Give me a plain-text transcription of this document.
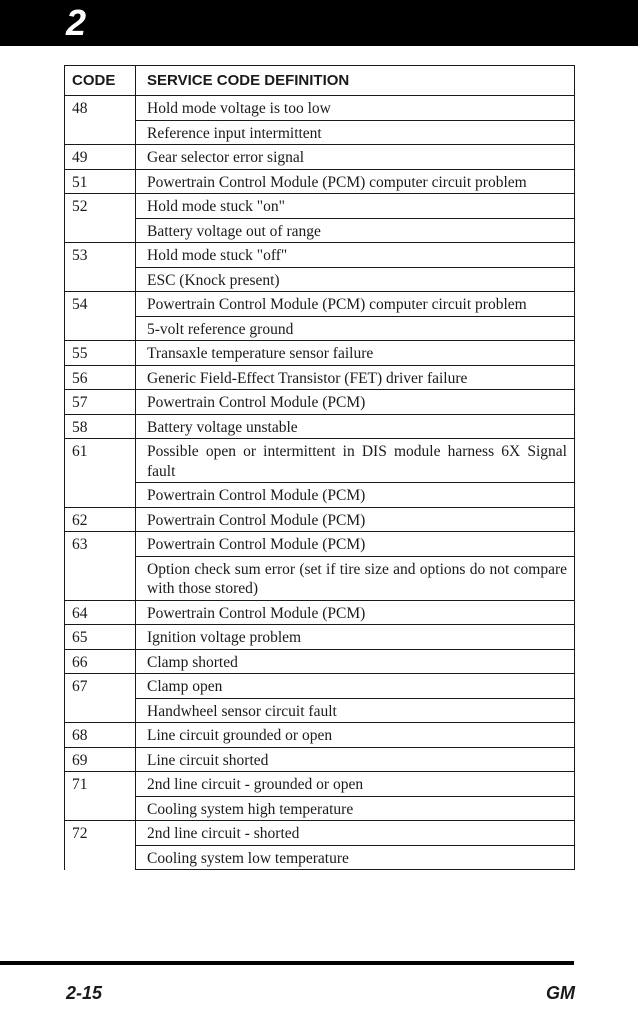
2
CODE	SERVICE CODE DEFINITION
48	Hold mode voltage is too low
	Reference input intermittent
49	Gear selector error signal
51	Powertrain Control Module (PCM) computer circuit problem
52	Hold mode stuck "on"
	Battery voltage out of range
53	Hold mode stuck "off"
	ESC (Knock present)
54	Powertrain Control Module (PCM) computer circuit problem
	5-volt reference ground
55	Transaxle temperature sensor failure
56	Generic Field-Effect Transistor (FET) driver failure
57	Powertrain Control Module (PCM)
58	Battery voltage unstable
61	Possible open or intermittent in DIS module harness 6X Signal fault
	Powertrain Control Module (PCM)
62	Powertrain Control Module (PCM)
63	Powertrain Control Module (PCM)
	Option check sum error (set if tire size and options do not compare with those stored)
64	Powertrain Control Module (PCM)
65	Ignition voltage problem
66	Clamp shorted
67	Clamp open
	Handwheel sensor circuit fault
68	Line circuit grounded or open
69	Line circuit shorted
71	2nd line circuit - grounded or open
	Cooling system high temperature
72	2nd line circuit - shorted
	Cooling system low temperature
2-15	GM
